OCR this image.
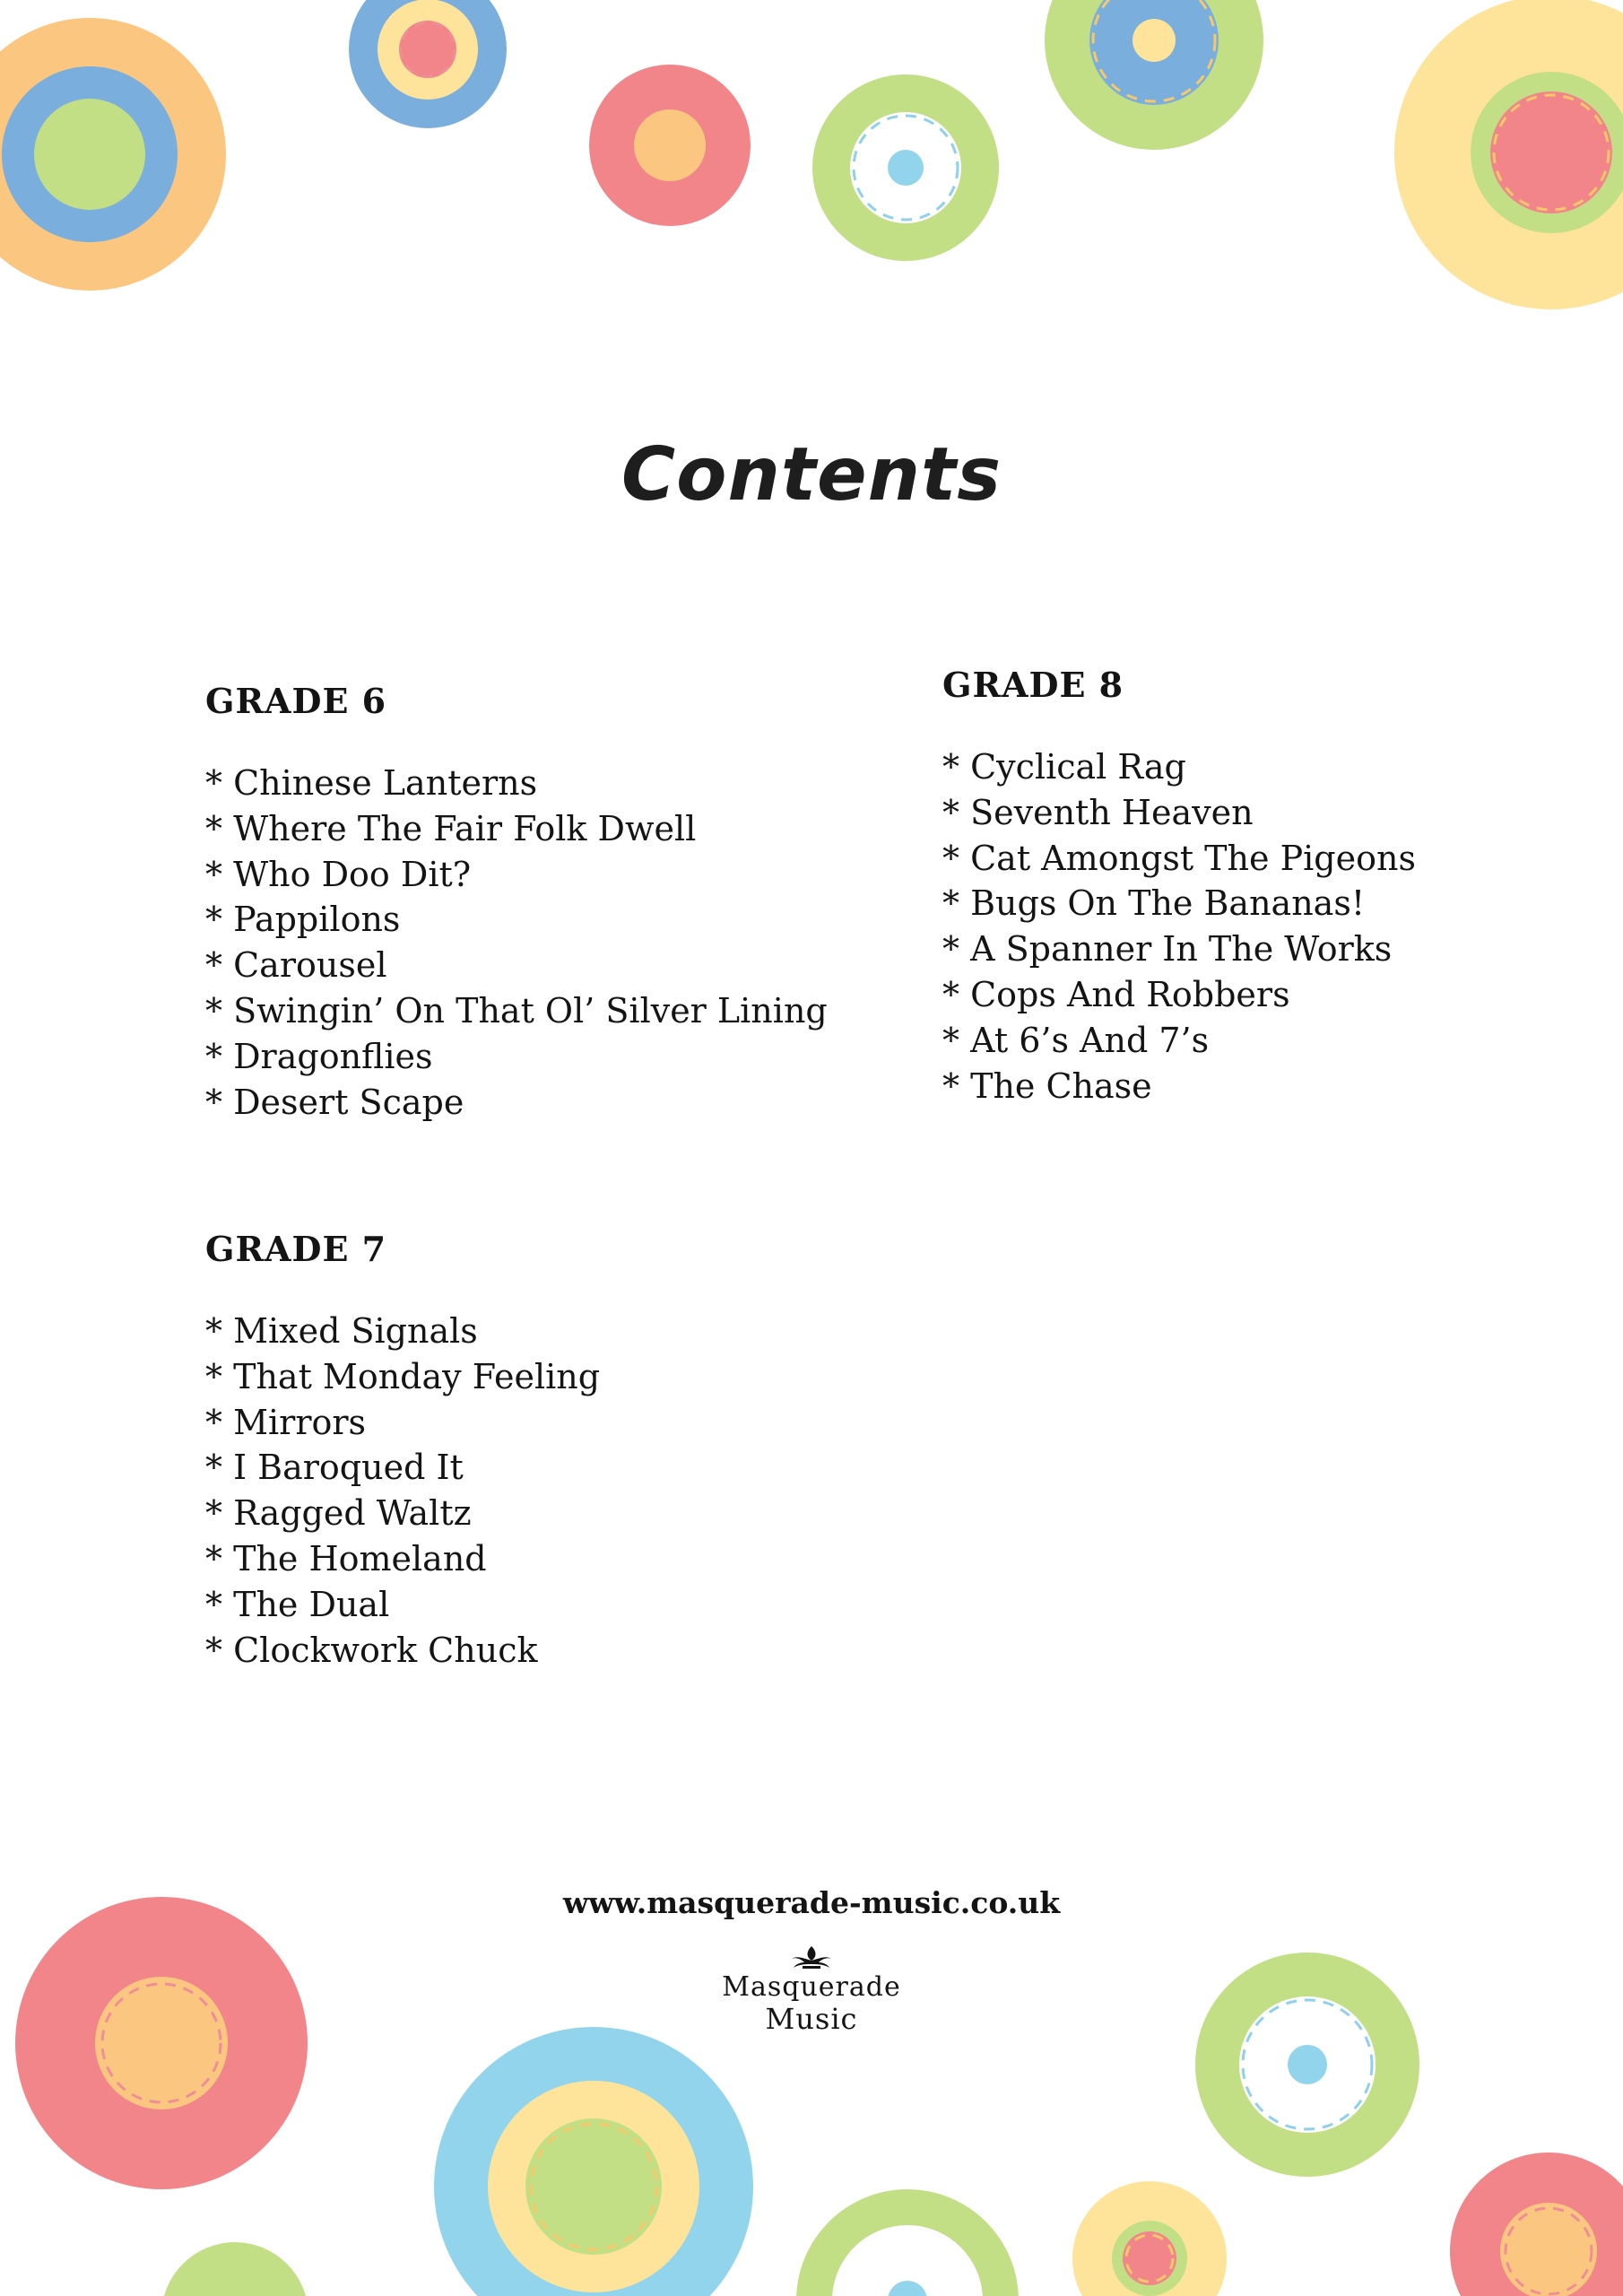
Contents
GRADE 6
* Chinese Lanterns
* Where The Fair Folk Dwell
* Who Doo Dit?
* Pappilons
* Carousel
* Swingin’ On That Ol’ Silver Lining
* Dragonflies
* Desert Scape
GRADE 7
* Mixed Signals
* That Monday Feeling
* Mirrors
* I Baroqued It
* Ragged Waltz
* The Homeland
* The Dual
* Clockwork Chuck
GRADE 8
* Cyclical Rag
* Seventh Heaven
* Cat Amongst The Pigeons
* Bugs On The Bananas!
* A Spanner In The Works
* Cops And Robbers
* At 6’s And 7’s
* The Chase
www.masquerade-music.co.uk
Masquerade
Music
